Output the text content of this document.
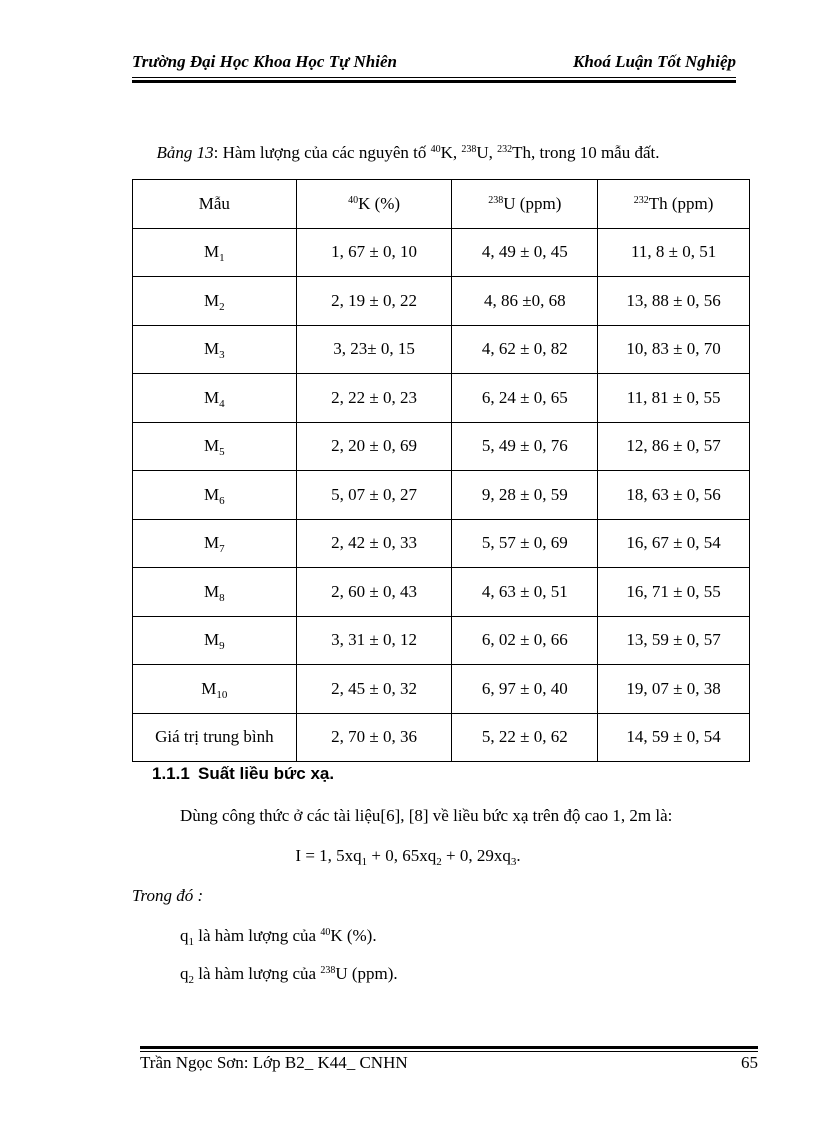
Trường Đại Học Khoa Học Tự Nhiên	Khoá Luận Tốt Nghiệp
Bảng 13: Hàm lượng của các nguyên tố $^{40}$K, $^{238}$U, $^{232}$Th, trong 10 mẫu đất.
Mẫu	$^{40}$K (%)	$^{238}$U (ppm)	$^{232}$Th (ppm)
$M_1$	1, 67 ± 0, 10	4, 49 ± 0, 45	11, 8 ± 0, 51
$M_2$	2, 19 ± 0, 22	4, 86 ±0, 68	13, 88 ± 0, 56
$M_3$	3, 23± 0, 15	4, 62 ± 0, 82	10, 83 ± 0, 70
$M_4$	2, 22 ± 0, 23	6, 24 ± 0, 65	11, 81 ± 0, 55
$M_5$	2, 20 ± 0, 69	5, 49 ± 0, 76	12, 86 ± 0, 57
$M_6$	5, 07 ± 0, 27	9, 28 ± 0, 59	18, 63 ± 0, 56
$M_7$	2, 42 ± 0, 33	5, 57 ± 0, 69	16, 67 ± 0, 54
$M_8$	2, 60 ± 0, 43	4, 63 ± 0, 51	16, 71 ± 0, 55
$M_9$	3, 31 ± 0, 12	6, 02 ± 0, 66	13, 59 ± 0, 57
$M_{10}$	2, 45 ± 0, 32	6, 97 ± 0, 40	19, 07 ± 0, 38
Giá trị trung bình	2, 70 ± 0, 36	5, 22 ± 0, 62	14, 59 ± 0, 54
1.1.1 Suất liều bức xạ.
Dùng công thức ở các tài liệu[6], [8] về liều bức xạ trên độ cao 1, 2m là:
I = 1, $5xq_1 + 0$, $65xq_2 + 0$, $29xq_3$.
Trong đó :
$q_1$ là hàm lượng của $^{40}$K (%).
$q_2$ là hàm lượng của $^{238}$U (ppm).
Trần Ngọc Sơn: Lớp B2_ K44_ CNHN	65
